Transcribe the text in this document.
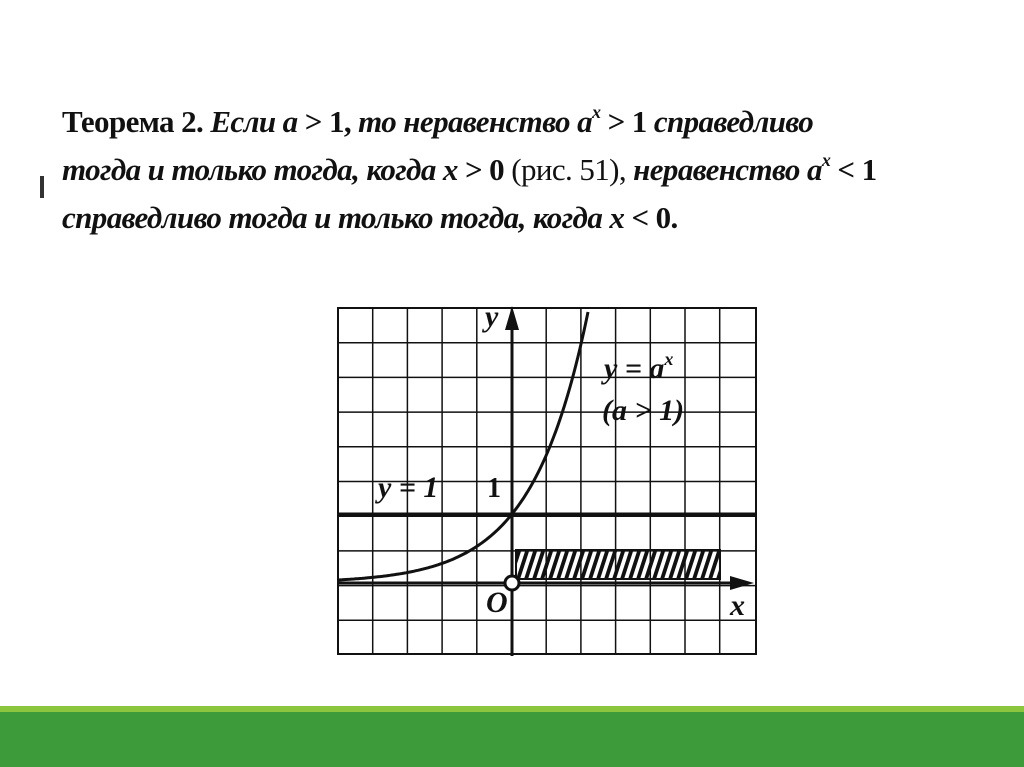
Теорема 2. Если a > 1, то неравенство $a^x > 1$ справедливо
тогда и только тогда, когда x > 0 (рис. 51), неравенство $a^x < 1$
справедливо тогда и только тогда, когда x < 0.
y
x
O
1
$y = a^x$
(a > 1)
y = 1
